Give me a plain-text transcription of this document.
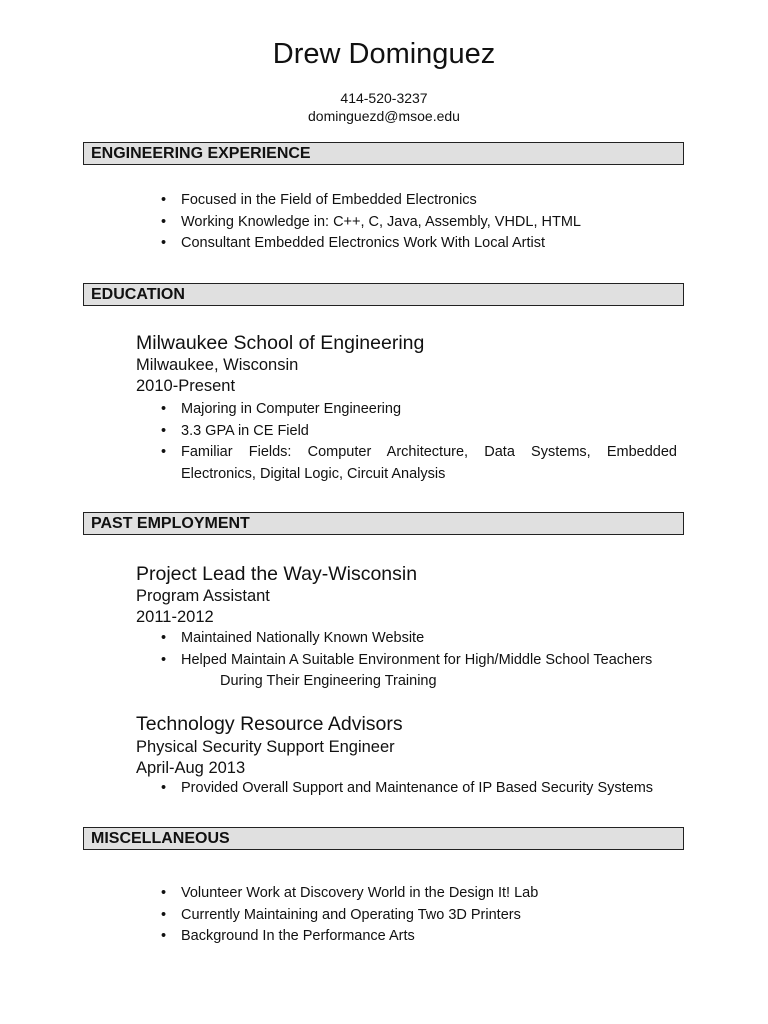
Drew Dominguez
414-520-3237
dominguezd@msoe.edu
ENGINEERING EXPERIENCE
• Focused in the Field of Embedded Electronics
• Working Knowledge in: C++, C, Java, Assembly, VHDL, HTML
• Consultant Embedded Electronics Work With Local Artist
EDUCATION
Milwaukee School of Engineering
Milwaukee, Wisconsin
2010-Present
• Majoring in Computer Engineering
• 3.3 GPA in CE Field
• Familiar Fields: Computer Architecture, Data Systems, Embedded Electronics, Digital Logic, Circuit Analysis
PAST EMPLOYMENT
Project Lead the Way-Wisconsin
Program Assistant
2011-2012
• Maintained Nationally Known Website
• Helped Maintain A Suitable Environment for High/Middle School Teachers
During Their Engineering Training
Technology Resource Advisors
Physical Security Support Engineer
April-Aug 2013
• Provided Overall Support and Maintenance of IP Based Security Systems
MISCELLANEOUS
• Volunteer Work at Discovery World in the Design It! Lab
• Currently Maintaining and Operating Two 3D Printers
• Background In the Performance Arts
